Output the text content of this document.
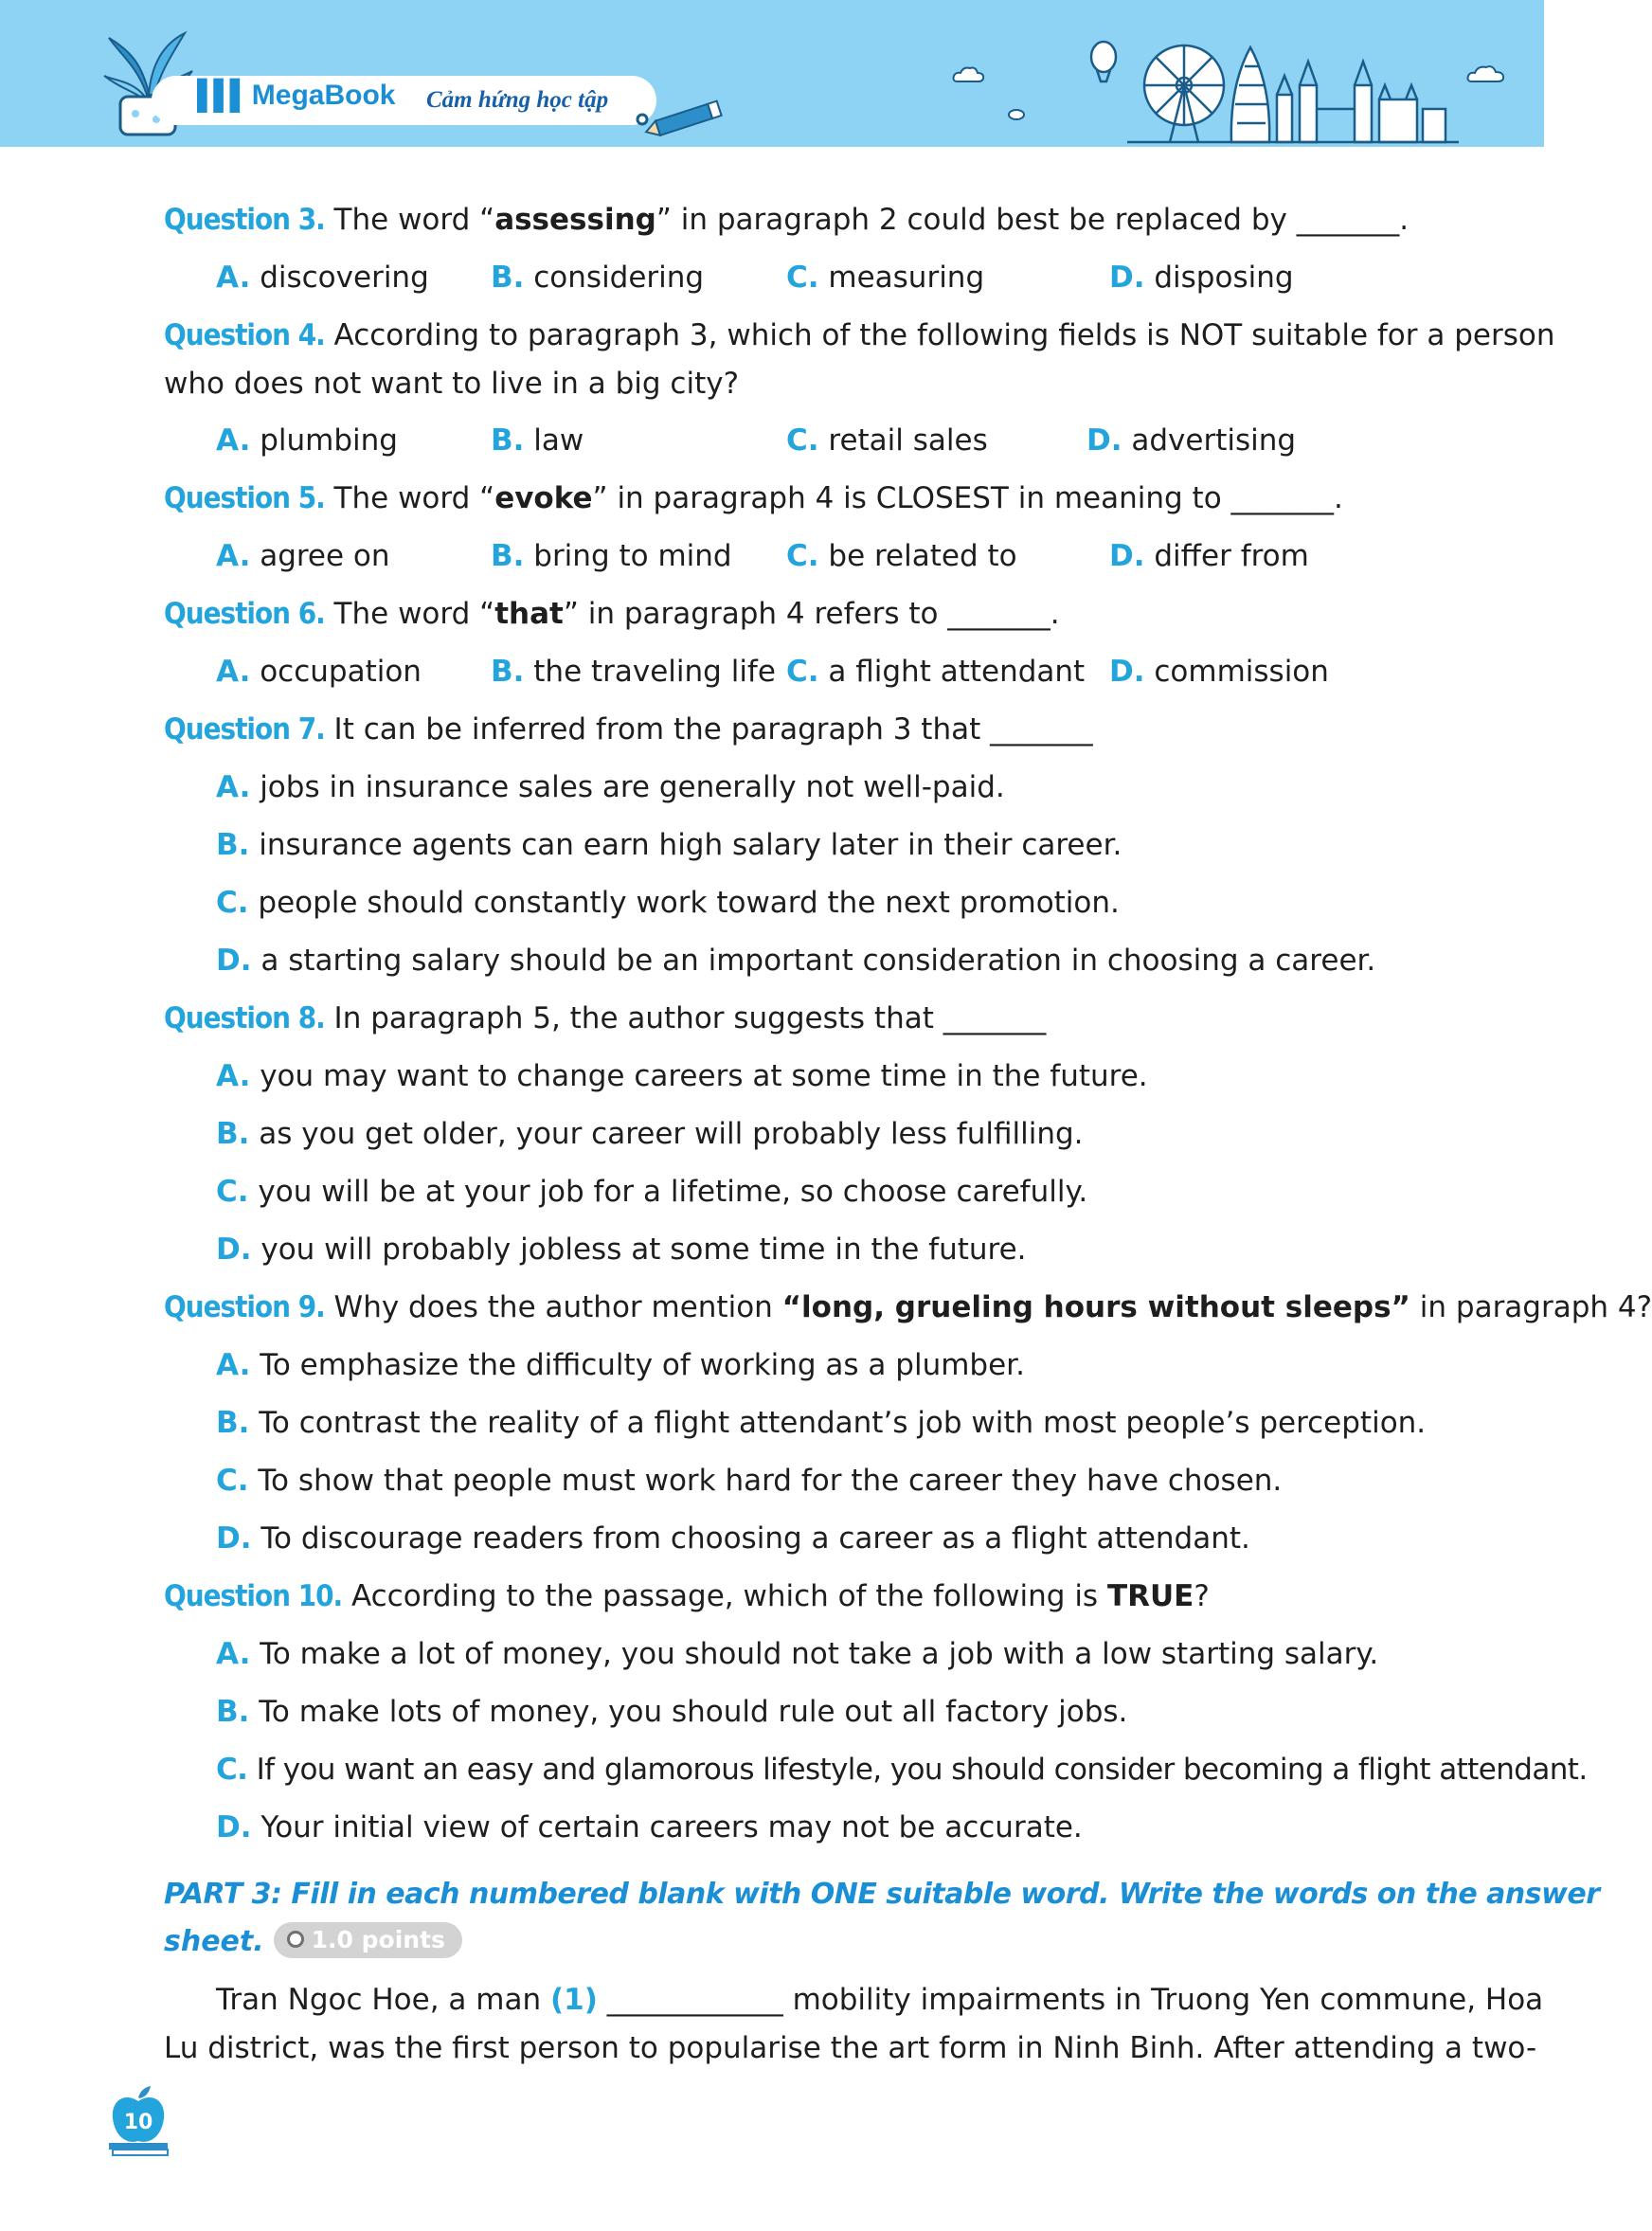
▌▌▌ MegaBook Cảm hứng học tập
Question 3. The word “assessing” in paragraph 2 could best be replaced by _______.
A. discovering B. considering	C. measuring	D. disposing
Question 4. According to paragraph 3, which of the following fields is NOT suitable for a person
who does not want to live in a big city?
A. plumbing	B. law	C. retail sales	D. advertising
Question 5. The word “evoke” in paragraph 4 is CLOSEST in meaning to _______.
A. agree on	B. bring to mind C. be related to	D. differ from
Question 6. The word “that” in paragraph 4 refers to _______.
A. occupation B. the traveling life C. a flight attendant D. commission
Question 7. It can be inferred from the paragraph 3 that _______
A. jobs in insurance sales are generally not well-paid.
B. insurance agents can earn high salary later in their career.
C. people should constantly work toward the next promotion.
D. a starting salary should be an important consideration in choosing a career.
Question 8. In paragraph 5, the author suggests that _______
A. you may want to change careers at some time in the future.
B. as you get older, your career will probably less fulfilling.
C. you will be at your job for a lifetime, so choose carefully.
D. you will probably jobless at some time in the future.
Question 9. Why does the author mention “long, grueling hours without sleeps” in paragraph 4?
A. To emphasize the difficulty of working as a plumber.
B. To contrast the reality of a flight attendant’s job with most people’s perception.
C. To show that people must work hard for the career they have chosen.
D. To discourage readers from choosing a career as a flight attendant.
Question 10. According to the passage, which of the following is TRUE?
A. To make a lot of money, you should not take a job with a low starting salary.
B. To make lots of money, you should rule out all factory jobs.
C. If you want an easy and glamorous lifestyle, you should consider becoming a flight attendant.
D. Your initial view of certain careers may not be accurate.
PART 3: Fill in each numbered blank with ONE suitable word. Write the words on the answer
sheet. 1.0 points
Tran Ngoc Hoe, a man (1) ____________ mobility impairments in Truong Yen commune, Hoa
Lu district, was the first person to popularise the art form in Ninh Binh. After attending a two-
10
